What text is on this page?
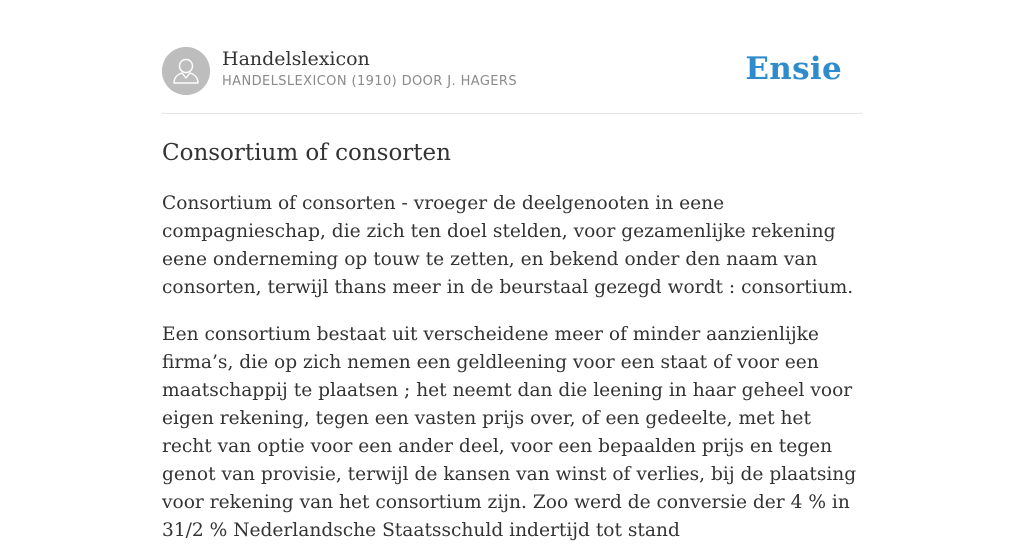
Handelslexicon
HANDELSLEXICON (1910) DOOR J. HAGERS	Ensie
Consortium of consorten

Consortium of consorten - vroeger de deelgenooten in eene compagnieschap, die zich ten doel stelden, voor gezamenlijke rekening eene onderneming op touw te zetten, en bekend onder den naam van consorten, terwijl thans meer in de beurstaal gezegd wordt : consortium.

Een consortium bestaat uit verscheidene meer of minder aanzienlijke firma’s, die op zich nemen een geldleening voor een staat of voor een maatschappij te plaatsen ; het neemt dan die leening in haar geheel voor eigen rekening, tegen een vasten prijs over, of een gedeelte, met het recht van optie voor een ander deel, voor een bepaalden prijs en tegen genot van provisie, terwijl de kansen van winst of verlies, bij de plaatsing voor rekening van het consortium zijn. Zoo werd de conversie der 4 % in 31/2 % Nederlandsche Staatsschuld indertijd tot stand
